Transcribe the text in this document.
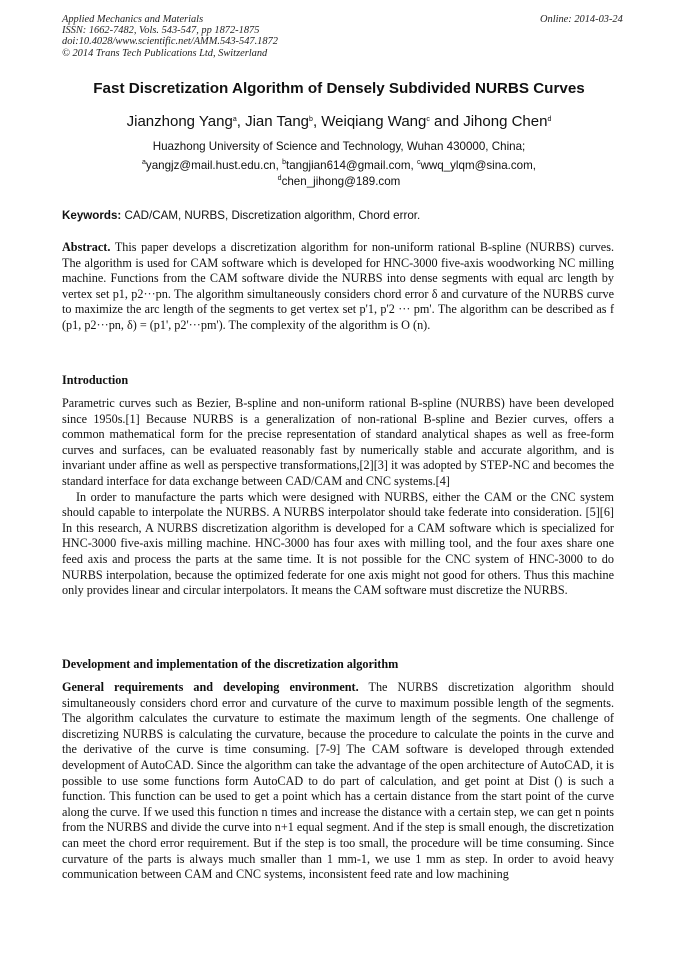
Applied Mechanics and Materials
ISSN: 1662-7482, Vols. 543-547, pp 1872-1875
doi:10.4028/www.scientific.net/AMM.543-547.1872
© 2014 Trans Tech Publications Ltd, Switzerland
Online: 2014-03-24
Fast Discretization Algorithm of Densely Subdivided NURBS Curves
Jianzhong Yang$^a$, Jian Tang$^b$, Weiqiang Wang$^c$ and Jihong Chen$^d$
Huazhong University of Science and Technology, Wuhan 430000, China;
$^a$yangjz@mail.hust.edu.cn, $^b$tangjian614@gmail.com, $^c$wwq_ylqm@sina.com,
$^d$chen_jihong@189.com
Keywords: CAD/CAM, NURBS, Discretization algorithm, Chord error.

Abstract. This paper develops a discretization algorithm for non-uniform rational B-spline (NURBS) curves. The algorithm is used for CAM software which is developed for HNC-3000 five-axis woodworking NC milling machine. Functions from the CAM software divide the NURBS into dense segments with equal arc length by vertex set p1, p2···pn. The algorithm simultaneously considers chord error δ and curvature of the NURBS curve to maximize the arc length of the segments to get vertex set p'1, p'2 ··· pm'. The algorithm can be described as f (p1, p2···pn, δ) = (p1', p2'···pm'). The complexity of the algorithm is O (n).

Introduction

Parametric curves such as Bezier, B-spline and non-uniform rational B-spline (NURBS) have been developed since 1950s.[1] Because NURBS is a generalization of non-rational B-spline and Bezier curves, offers a common mathematical form for the precise representation of standard analytical shapes as well as free-form curves and surfaces, can be evaluated reasonably fast by numerically stable and accurate algorithm, and is invariant under affine as well as perspective transformations,[2][3] it was adopted by STEP-NC and becomes the standard interface for data exchange between CAD/CAM and CNC systems.[4]

In order to manufacture the parts which were designed with NURBS, either the CAM or the CNC system should capable to interpolate the NURBS. A NURBS interpolator should take federate into consideration. [5][6] In this research, A NURBS discretization algorithm is developed for a CAM software which is specialized for HNC-3000 five-axis milling machine. HNC-3000 has four axes with milling tool, and the four axes share one feed axis and process the parts at the same time. It is not possible for the CNC system of HNC-3000 to do NURBS interpolation, because the optimized federate for one axis might not good for others. Thus this machine only provides linear and circular interpolators. It means the CAM software must discretize the NURBS.

Development and implementation of the discretization algorithm

General requirements and developing environment. The NURBS discretization algorithm should simultaneously considers chord error and curvature of the curve to maximum possible length of the segments. The algorithm calculates the curvature to estimate the maximum length of the segments. One challenge of discretizing NURBS is calculating the curvature, because the procedure to calculate the points in the curve and the derivative of the curve is time consuming. [7-9] The CAM software is developed through extended development of AutoCAD. Since the algorithm can take the advantage of the open architecture of AutoCAD, it is possible to use some functions form AutoCAD to do part of calculation, and get point at Dist () is such a function. This function can be used to get a point which has a certain distance from the start point of the curve along the curve. If we used this function n times and increase the distance with a certain step, we can get n points from the NURBS and divide the curve into n+1 equal segment. And if the step is small enough, the discretization can meet the chord error requirement. But if the step is too small, the procedure will be time consuming. Since curvature of the parts is always much smaller than 1 mm-1, we use 1 mm as step. In order to avoid heavy communication between CAM and CNC systems, inconsistent feed rate and low machining
